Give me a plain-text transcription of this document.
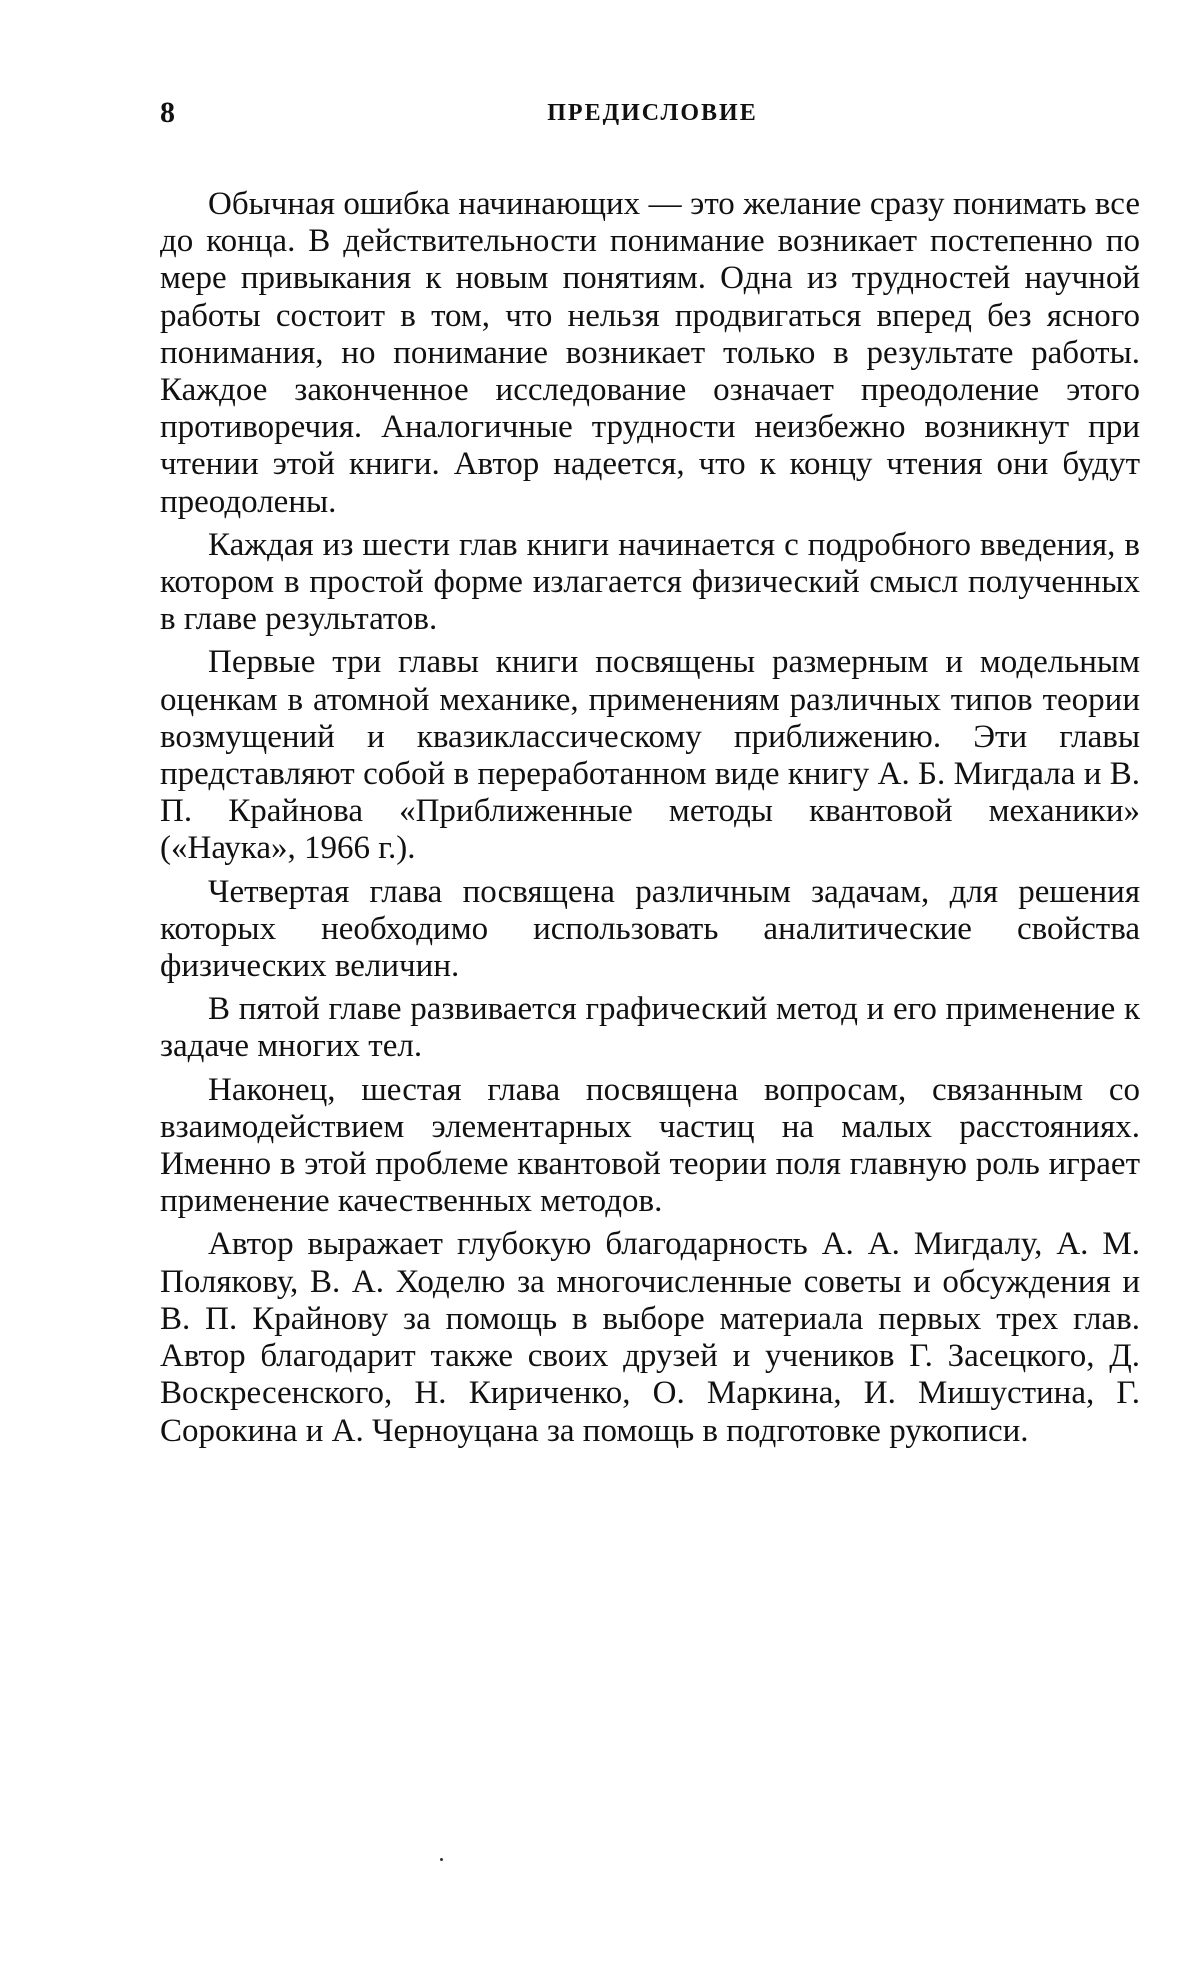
8	ПРЕДИСЛОВИЕ

Обычная ошибка начинающих — это желание сразу понимать все до конца. В действительности понимание возникает постепенно по мере привыкания к новым понятиям. Одна из трудностей научной работы состоит в том, что нельзя продвигаться вперед без ясного понимания, но понимание возникает только в результате работы. Каждое законченное исследование означает преодоление этого противоречия. Аналогичные трудности неизбежно возникнут при чтении этой книги. Автор надеется, что к концу чтения они будут преодолены.

Каждая из шести глав книги начинается с подробного введения, в котором в простой форме излагается физический смысл полученных в главе результатов.

Первые три главы книги посвящены размерным и модельным оценкам в атомной механике, применениям различных типов теории возмущений и квазиклассическому приближению. Эти главы представляют собой в переработанном виде книгу А. Б. Мигдала и В. П. Крайнова «Приближенные методы квантовой механики» («Наука», 1966 г.).

Четвертая глава посвящена различным задачам, для решения которых необходимо использовать аналитические свойства физических величин.

В пятой главе развивается графический метод и его применение к задаче многих тел.

Наконец, шестая глава посвящена вопросам, связанным со взаимодействием элементарных частиц на малых расстояниях. Именно в этой проблеме квантовой теории поля главную роль играет применение качественных методов.

Автор выражает глубокую благодарность А. А. Мигдалу, А. М. Полякову, В. А. Ходелю за многочисленные советы и обсуждения и В. П. Крайнову за помощь в выборе материала первых трех глав. Автор благодарит также своих друзей и учеников Г. Засецкого, Д. Воскресенского, Н. Кириченко, О. Маркина, И. Мишустина, Г. Сорокина и А. Черноуцана за помощь в подготовке рукописи.
